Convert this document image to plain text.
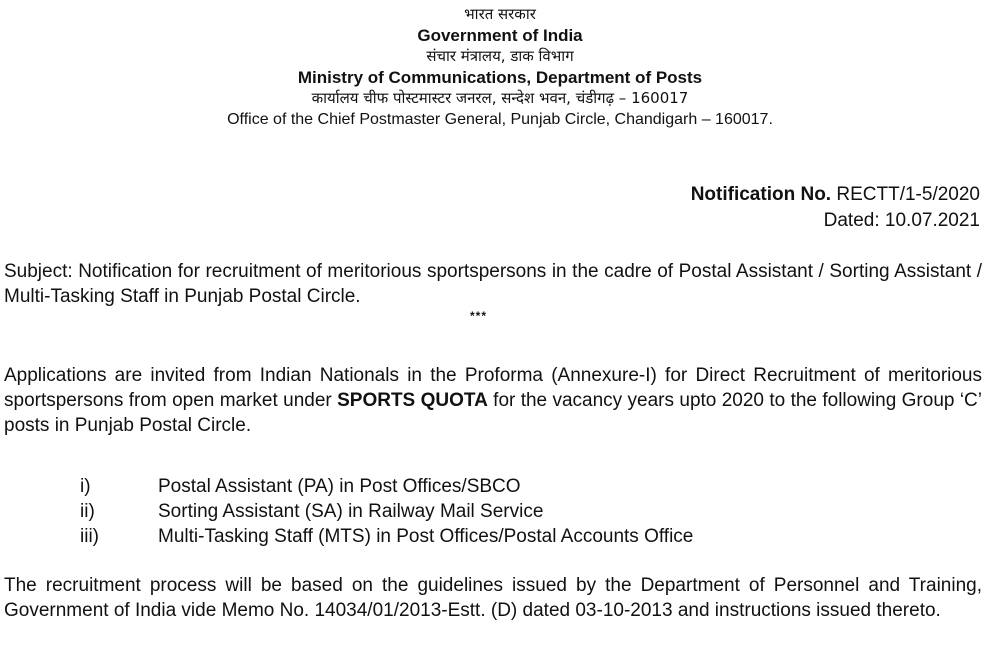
भारत सरकार
Government of India
संचार मंत्रालय, डाक विभाग
Ministry of Communications, Department of Posts
कार्यालय चीफ पोस्टमास्टर जनरल, सन्देश भवन, चंडीगढ़ – 160017
Office of the Chief Postmaster General, Punjab Circle, Chandigarh – 160017.
Notification No. RECTT/1-5/2020
Dated: 10.07.2021
Subject: Notification for recruitment of meritorious sportspersons in the cadre of Postal Assistant / Sorting Assistant / Multi-Tasking Staff in Punjab Postal Circle.
***
Applications are invited from Indian Nationals in the Proforma (Annexure-I) for Direct Recruitment of meritorious sportspersons from open market under SPORTS QUOTA for the vacancy years upto 2020 to the following Group ‘C’ posts in Punjab Postal Circle.
i)	Postal Assistant (PA) in Post Offices/SBCO
ii)	Sorting Assistant (SA) in Railway Mail Service
iii)	Multi-Tasking Staff (MTS) in Post Offices/Postal Accounts Office
The recruitment process will be based on the guidelines issued by the Department of Personnel and Training, Government of India vide Memo No. 14034/01/2013-Estt. (D) dated 03-10-2013 and instructions issued thereto.
